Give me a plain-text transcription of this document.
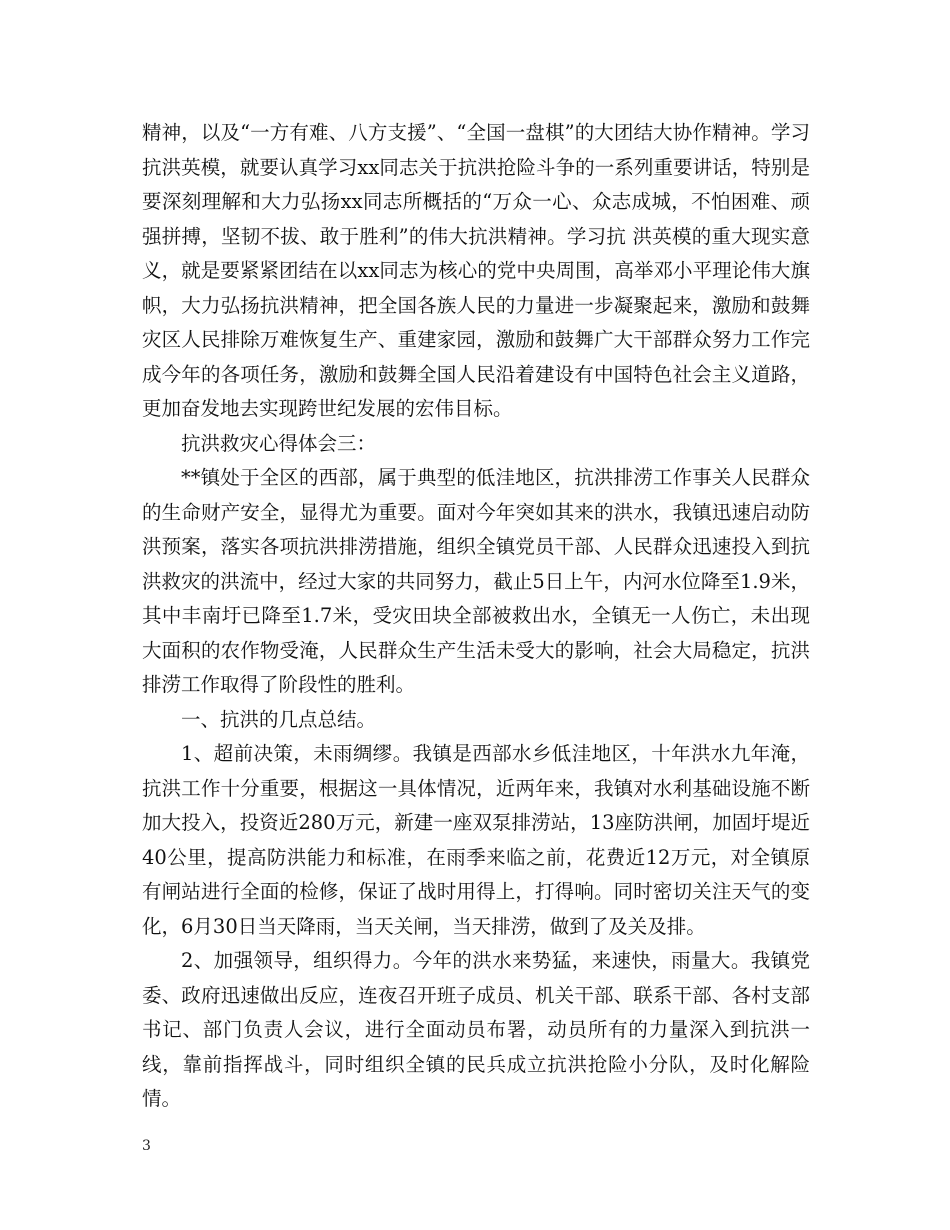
精神，以及“一方有难、八方支援”、“全国一盘棋”的大团结大协作精神。学习抗洪英模，就要认真学习xx同志关于抗洪抢险斗争的一系列重要讲话，特别是要深刻理解和大力弘扬xx同志所概括的“万众一心、众志成城，不怕困难、顽强拼搏，坚韧不拔、敢于胜利”的伟大抗洪精神。学习抗 洪英模的重大现实意义，就是要紧紧团结在以xx同志为核心的党中央周围，高举邓小平理论伟大旗帜，大力弘扬抗洪精神，把全国各族人民的力量进一步凝聚起来，激励和鼓舞灾区人民排除万难恢复生产、重建家园，激励和鼓舞广大干部群众努力工作完成今年的各项任务，激励和鼓舞全国人民沿着建设有中国特色社会主义道路，更加奋发地去实现跨世纪发展的宏伟目标。

抗洪救灾心得体会三：

**镇处于全区的西部，属于典型的低洼地区，抗洪排涝工作事关人民群众的生命财产安全，显得尤为重要。面对今年突如其来的洪水，我镇迅速启动防洪预案，落实各项抗洪排涝措施，组织全镇党员干部、人民群众迅速投入到抗洪救灾的洪流中，经过大家的共同努力，截止5日上午，内河水位降至1.9米，其中丰南圩已降至1.7米，受灾田块全部被救出水，全镇无一人伤亡，未出现大面积的农作物受淹，人民群众生产生活未受大的影响，社会大局稳定，抗洪排涝工作取得了阶段性的胜利。

一、抗洪的几点总结。

1、超前决策，未雨绸缪。我镇是西部水乡低洼地区，十年洪水九年淹，抗洪工作十分重要，根据这一具体情况，近两年来，我镇对水利基础设施不断加大投入，投资近280万元，新建一座双泵排涝站，13座防洪闸，加固圩堤近40公里，提高防洪能力和标准，在雨季来临之前，花费近12万元，对全镇原有闸站进行全面的检修，保证了战时用得上，打得响。同时密切关注天气的变化，6月30日当天降雨，当天关闸，当天排涝，做到了及关及排。

2、加强领导，组织得力。今年的洪水来势猛，来速快，雨量大。我镇党委、政府迅速做出反应，连夜召开班子成员、机关干部、联系干部、各村支部书记、部门负责人会议，进行全面动员布署，动员所有的力量深入到抗洪一线，靠前指挥战斗，同时组织全镇的民兵成立抗洪抢险小分队，及时化解险情。

3
